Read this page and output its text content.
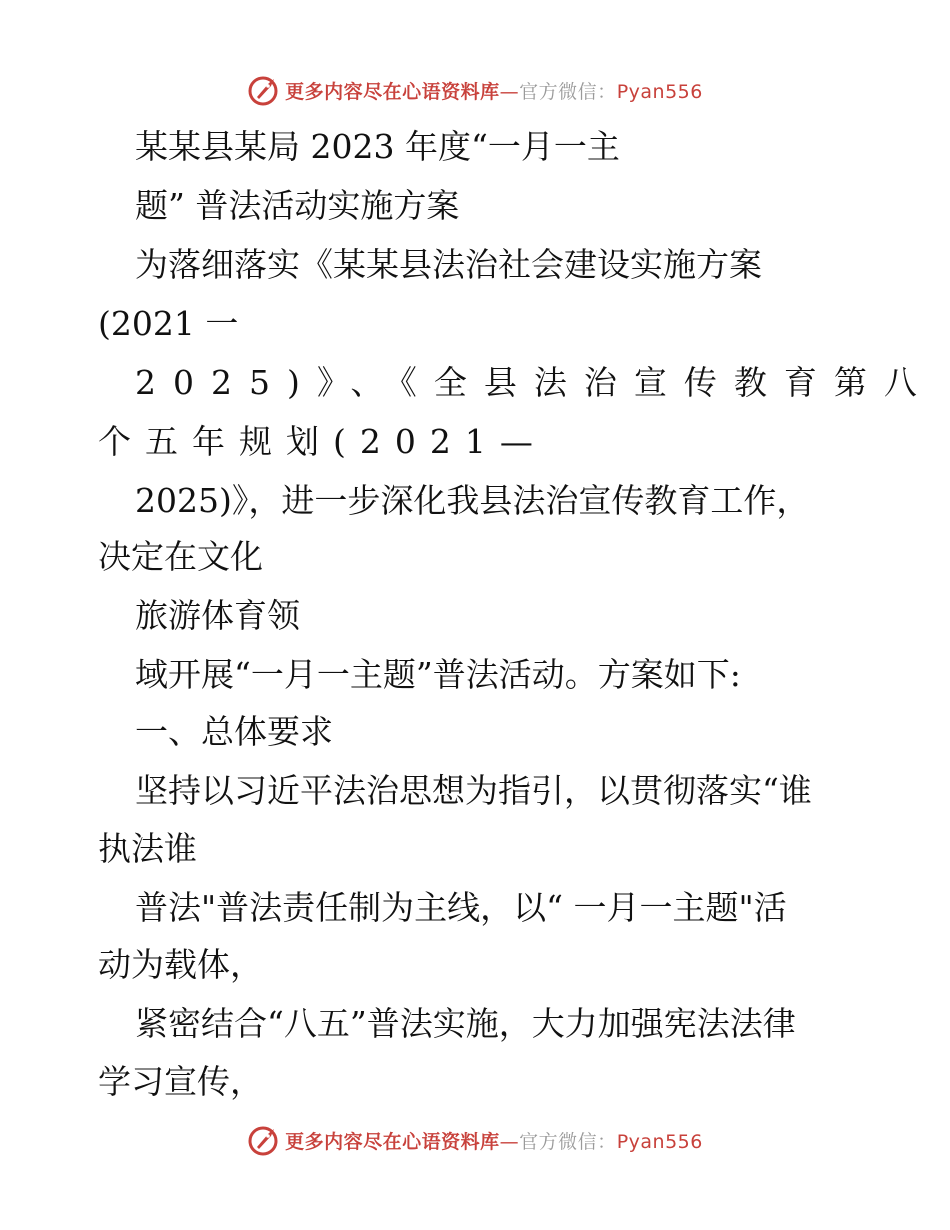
更多内容尽在心语资料库—官方微信：Pyan556
某某县某局 2023 年度“一月一主
题” 普法活动实施方案
为落细落实《某某县法治社会建设实施方案
(2021 一
2025)》、《全县法治宣传教育第八
个五年规划(2021—
2025)》，进一步深化我县法治宣传教育工作，
决定在文化
旅游体育领
域开展“一月一主题”普法活动。方案如下:
一、总体要求
坚持以习近平法治思想为指引，以贯彻落实“谁
执法谁
普法"普法责任制为主线，以“ 一月一主题"活
动为载体，
紧密结合“八五”普法实施，大力加强宪法法律
学习宣传，
更多内容尽在心语资料库—官方微信：Pyan556
